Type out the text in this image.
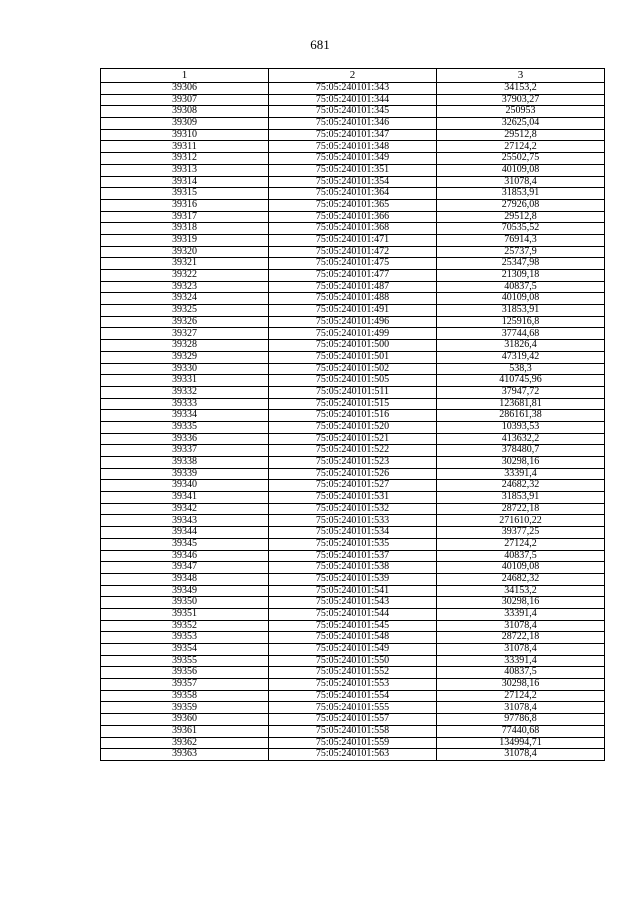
681
1	2	3
39306	75:05:240101:343	34153,2
39307	75:05:240101:344	37903,27
39308	75:05:240101:345	250953
39309	75:05:240101:346	32625,04
39310	75:05:240101:347	29512,8
39311	75:05:240101:348	27124,2
39312	75:05:240101:349	25502,75
39313	75:05:240101:351	40109,08
39314	75:05:240101:354	31078,4
39315	75:05:240101:364	31853,91
39316	75:05:240101:365	27926,08
39317	75:05:240101:366	29512,8
39318	75:05:240101:368	70535,52
39319	75:05:240101:471	76914,3
39320	75:05:240101:472	25737,9
39321	75:05:240101:475	25347,98
39322	75:05:240101:477	21309,18
39323	75:05:240101:487	40837,5
39324	75:05:240101:488	40109,08
39325	75:05:240101:491	31853,91
39326	75:05:240101:496	125916,8
39327	75:05:240101:499	37744,68
39328	75:05:240101:500	31826,4
39329	75:05:240101:501	47319,42
39330	75:05:240101:502	538,3
39331	75:05:240101:505	410745,96
39332	75:05:240101:511	37947,72
39333	75:05:240101:515	123681,81
39334	75:05:240101:516	286161,38
39335	75:05:240101:520	10393,53
39336	75:05:240101:521	413632,2
39337	75:05:240101:522	378480,7
39338	75:05:240101:523	30298,16
39339	75:05:240101:526	33391,4
39340	75:05:240101:527	24682,32
39341	75:05:240101:531	31853,91
39342	75:05:240101:532	28722,18
39343	75:05:240101:533	271610,22
39344	75:05:240101:534	39377,25
39345	75:05:240101:535	27124,2
39346	75:05:240101:537	40837,5
39347	75:05:240101:538	40109,08
39348	75:05:240101:539	24682,32
39349	75:05:240101:541	34153,2
39350	75:05:240101:543	30298,16
39351	75:05:240101:544	33391,4
39352	75:05:240101:545	31078,4
39353	75:05:240101:548	28722,18
39354	75:05:240101:549	31078,4
39355	75:05:240101:550	33391,4
39356	75:05:240101:552	40837,5
39357	75:05:240101:553	30298,16
39358	75:05:240101:554	27124,2
39359	75:05:240101:555	31078,4
39360	75:05:240101:557	97786,8
39361	75:05:240101:558	77440,68
39362	75:05:240101:559	134994,71
39363	75:05:240101:563	31078,4
